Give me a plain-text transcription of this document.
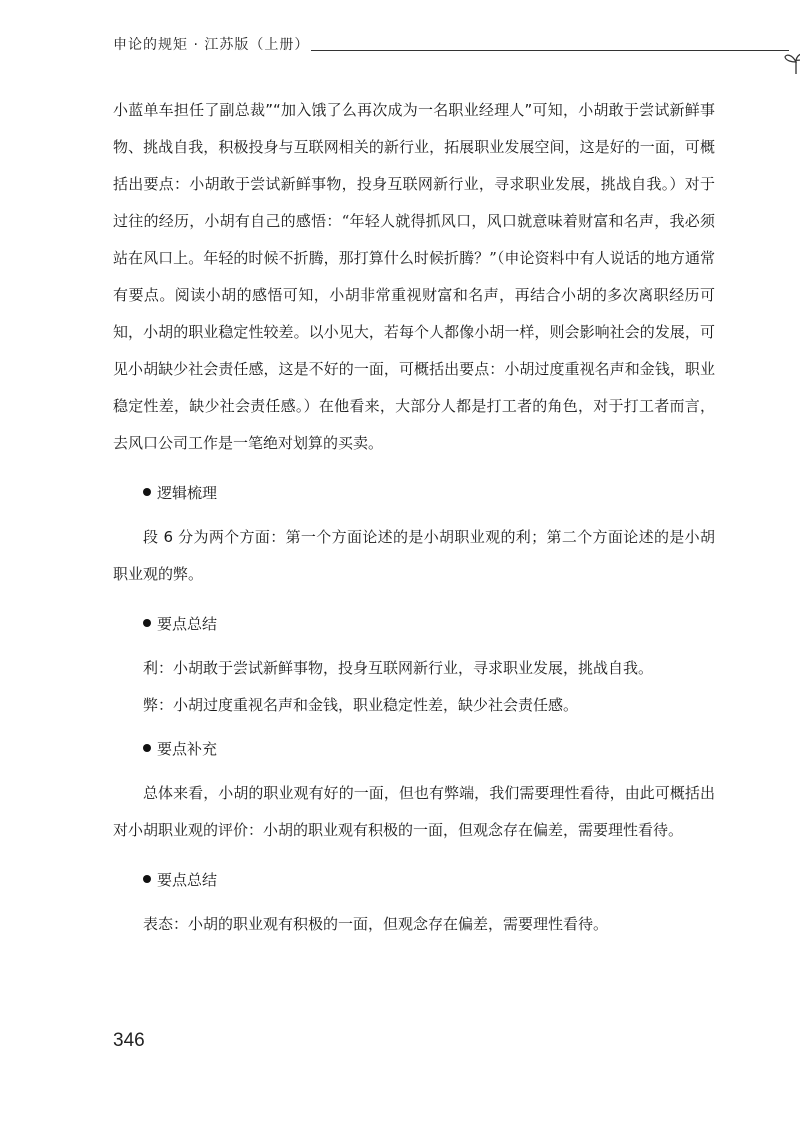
申论的规矩 · 江苏版（上册）

小蓝单车担任了副总裁”“加入饿了么再次成为一名职业经理人”可知，小胡敢于尝试新鲜事物、挑战自我，积极投身与互联网相关的新行业，拓展职业发展空间，这是好的一面，可概括出要点：小胡敢于尝试新鲜事物，投身互联网新行业，寻求职业发展，挑战自我。）对于过往的经历，小胡有自己的感悟：“年轻人就得抓风口，风口就意味着财富和名声，我必须站在风口上。年轻的时候不折腾，那打算什么时候折腾？”（申论资料中有人说话的地方通常有要点。阅读小胡的感悟可知，小胡非常重视财富和名声，再结合小胡的多次离职经历可知，小胡的职业稳定性较差。以小见大，若每个人都像小胡一样，则会影响社会的发展，可见小胡缺少社会责任感，这是不好的一面，可概括出要点：小胡过度重视名声和金钱，职业稳定性差，缺少社会责任感。）在他看来，大部分人都是打工者的角色，对于打工者而言，去风口公司工作是一笔绝对划算的买卖。

逻辑梳理

段 6 分为两个方面：第一个方面论述的是小胡职业观的利；第二个方面论述的是小胡职业观的弊。

要点总结

利：小胡敢于尝试新鲜事物，投身互联网新行业，寻求职业发展，挑战自我。

弊：小胡过度重视名声和金钱，职业稳定性差，缺少社会责任感。

要点补充

总体来看，小胡的职业观有好的一面，但也有弊端，我们需要理性看待，由此可概括出对小胡职业观的评价：小胡的职业观有积极的一面，但观念存在偏差，需要理性看待。

要点总结

表态：小胡的职业观有积极的一面，但观念存在偏差，需要理性看待。

346
